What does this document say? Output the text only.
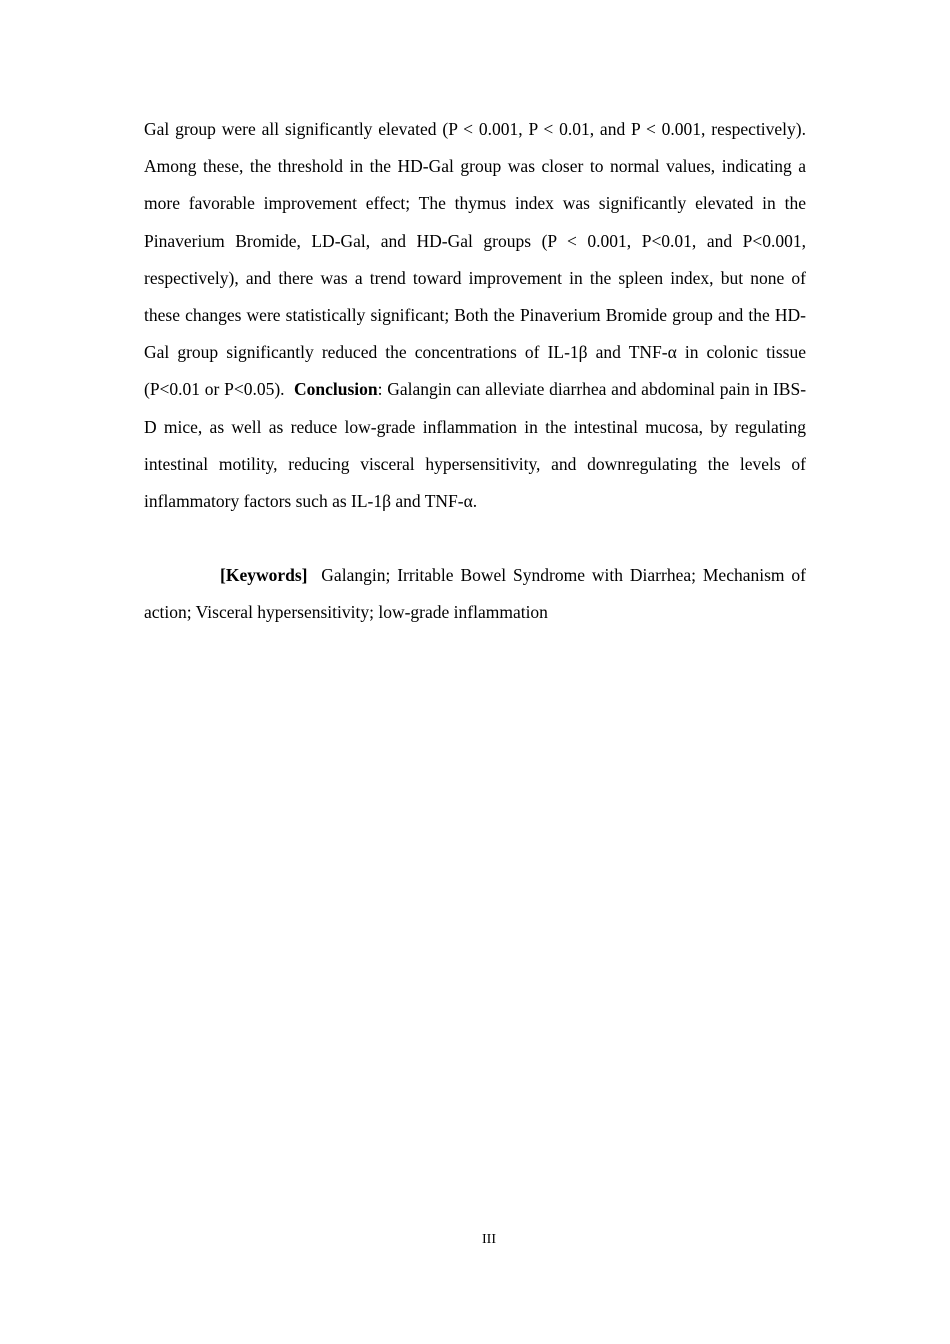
Gal group were all significantly elevated (P < 0.001, P < 0.01, and P < 0.001, respectively). Among these, the threshold in the HD-Gal group was closer to normal values, indicating a more favorable improvement effect; The thymus index was significantly elevated in the Pinaverium Bromide, LD-Gal, and HD-Gal groups (P < 0.001, P<0.01, and P<0.001, respectively), and there was a trend toward improvement in the spleen index, but none of these changes were statistically significant; Both the Pinaverium Bromide group and the HD-Gal group significantly reduced the concentrations of IL-1β and TNF-α in colonic tissue (P<0.01 or P<0.05). Conclusion: Galangin can alleviate diarrhea and abdominal pain in IBS-D mice, as well as reduce low-grade inflammation in the intestinal mucosa, by regulating intestinal motility, reducing visceral hypersensitivity, and downregulating the levels of inflammatory factors such as IL-1β and TNF-α.

[Keywords] Galangin; Irritable Bowel Syndrome with Diarrhea; Mechanism of action; Visceral hypersensitivity; low-grade inflammation

III
